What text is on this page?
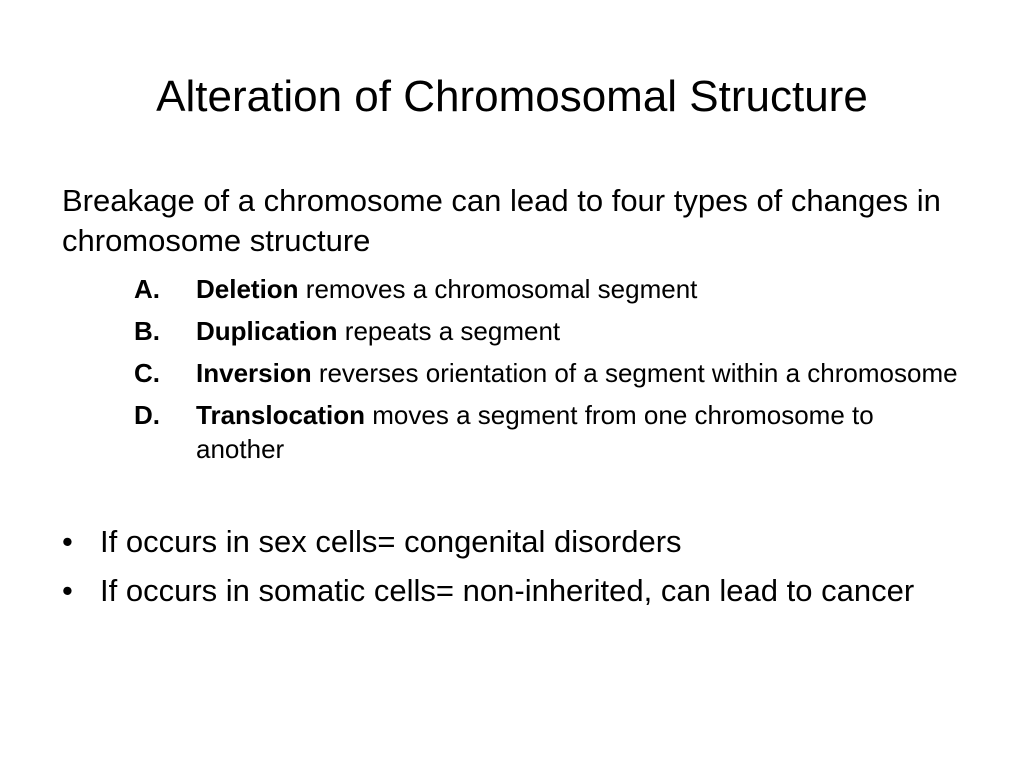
Alteration of Chromosomal Structure

Breakage of a chromosome can lead to four types of changes in chromosome structure

A. Deletion removes a chromosomal segment
B. Duplication repeats a segment
C. Inversion reverses orientation of a segment within a chromosome
D. Translocation moves a segment from one chromosome to another
• If occurs in sex cells= congenital disorders
• If occurs in somatic cells= non-inherited, can lead to cancer
